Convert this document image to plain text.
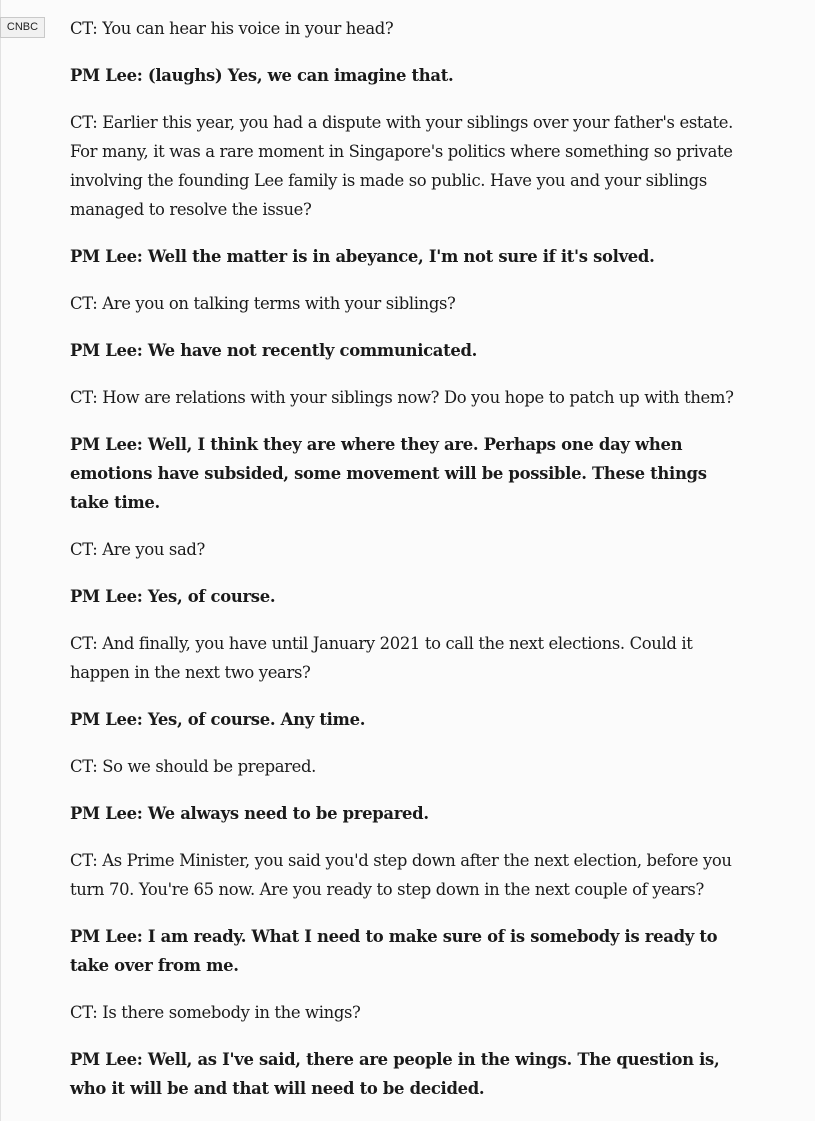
CNBC	CT: You can hear his voice in your head?

PM Lee: (laughs) Yes, we can imagine that.

CT: Earlier this year, you had a dispute with your siblings over your father's estate. For many, it was a rare moment in Singapore's politics where something so private involving the founding Lee family is made so public. Have you and your siblings managed to resolve the issue?

PM Lee: Well the matter is in abeyance, I'm not sure if it's solved.

CT: Are you on talking terms with your siblings?

PM Lee: We have not recently communicated.

CT: How are relations with your siblings now? Do you hope to patch up with them?

PM Lee: Well, I think they are where they are. Perhaps one day when emotions have subsided, some movement will be possible. These things take time.

CT: Are you sad?

PM Lee: Yes, of course.

CT: And finally, you have until January 2021 to call the next elections. Could it happen in the next two years?

PM Lee: Yes, of course. Any time.

CT: So we should be prepared.

PM Lee: We always need to be prepared.

CT: As Prime Minister, you said you'd step down after the next election, before you turn 70. You're 65 now. Are you ready to step down in the next couple of years?

PM Lee: I am ready. What I need to make sure of is somebody is ready to take over from me.

CT: Is there somebody in the wings?

PM Lee: Well, as I've said, there are people in the wings. The question is, who it will be and that will need to be decided.
